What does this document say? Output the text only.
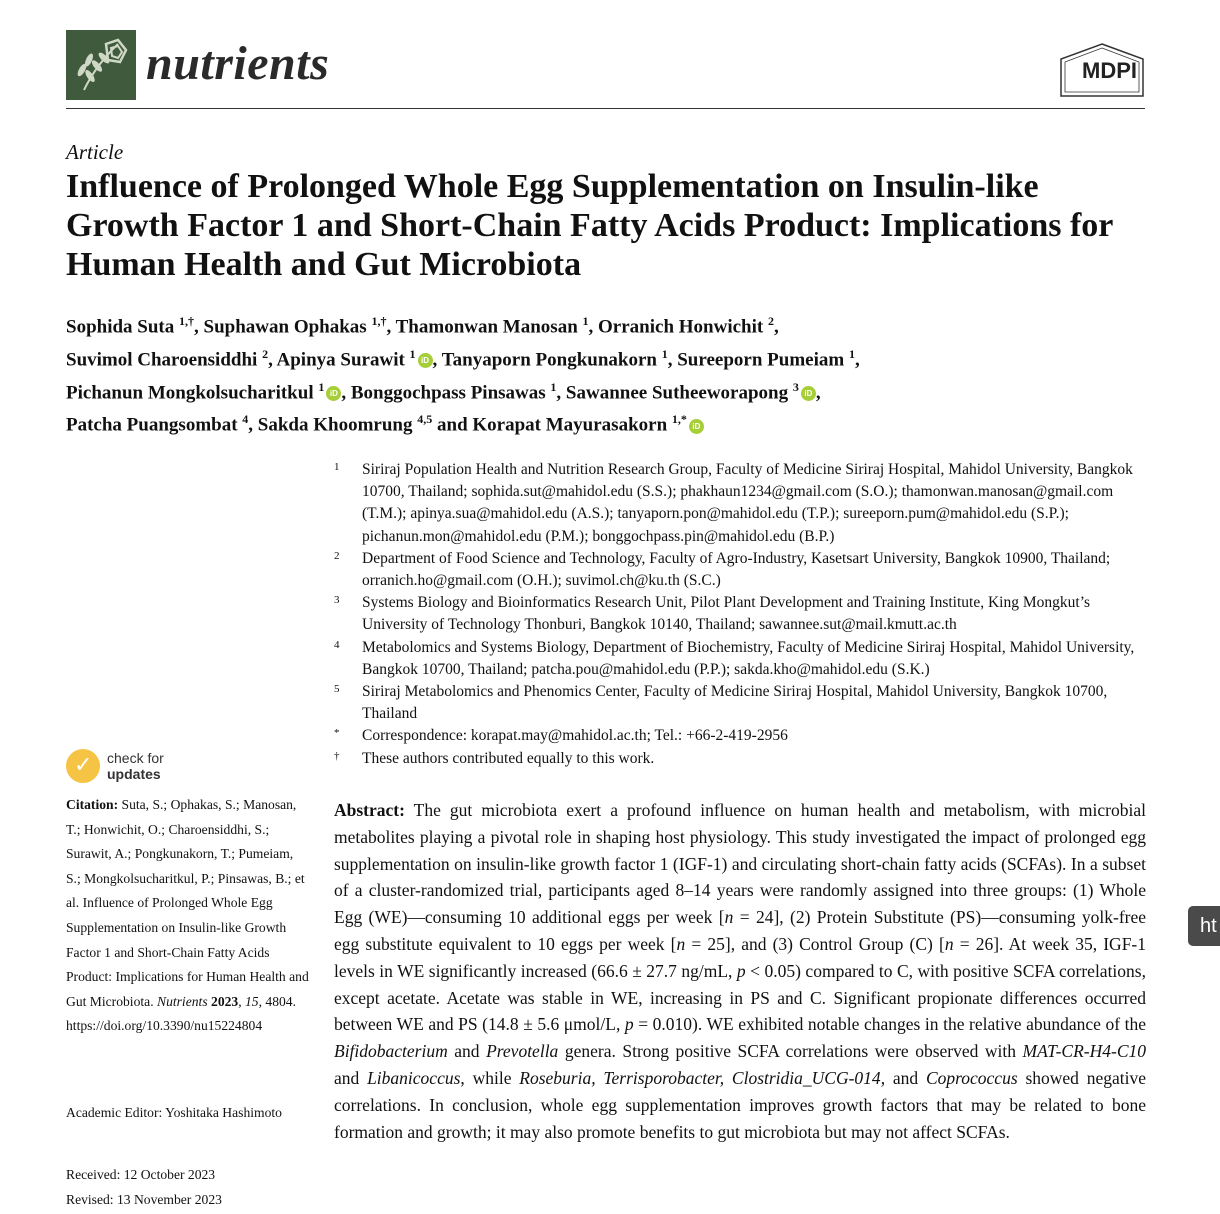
nutrients	MDPI
Article
Influence of Prolonged Whole Egg Supplementation on Insulin-like Growth Factor 1 and Short-Chain Fatty Acids Product: Implications for Human Health and Gut Microbiota
Sophida Suta $^{1,\dagger}$, Suphawan Ophakas $^{1,\dagger}$, Thamonwan Manosan $^1$, Orranich Honwichit $^2$,
Suvimol Charoensiddhi $^2$, Apinya Surawit $^1$ iD , Tanyaporn Pongkunakorn $^1$, Sureeporn Pumeiam $^1$,
Pichanun Mongkolsucharitkul $^1$ iD , Bonggochpass Pinsawas $^1$, Sawannee Sutheeworapong $^3$ iD ,
Patcha Puangsombat $^4$, Sakda Khoomrung $^{4,5}$ and Korapat Mayurasakorn $^{1,*}$ iD
1 Siriraj Population Health and Nutrition Research Group, Faculty of Medicine Siriraj Hospital, Mahidol University, Bangkok 10700, Thailand; sophida.sut@mahidol.edu (S.S.); phakhaun1234@gmail.com (S.O.); thamonwan.manosan@gmail.com (T.M.); apinya.sua@mahidol.edu (A.S.); tanyaporn.pon@mahidol.edu (T.P.); sureeporn.pum@mahidol.edu (S.P.); pichanun.mon@mahidol.edu (P.M.); bonggochpass.pin@mahidol.edu (B.P.)
2 Department of Food Science and Technology, Faculty of Agro-Industry, Kasetsart University, Bangkok 10900, Thailand; orranich.ho@gmail.com (O.H.); suvimol.ch@ku.th (S.C.)
3 Systems Biology and Bioinformatics Research Unit, Pilot Plant Development and Training Institute, King Mongkut’s University of Technology Thonburi, Bangkok 10140, Thailand; sawannee.sut@mail.kmutt.ac.th
4 Metabolomics and Systems Biology, Department of Biochemistry, Faculty of Medicine Siriraj Hospital, Mahidol University, Bangkok 10700, Thailand; patcha.pou@mahidol.edu (P.P.); sakda.kho@mahidol.edu (S.K.)
5 Siriraj Metabolomics and Phenomics Center, Faculty of Medicine Siriraj Hospital, Mahidol University, Bangkok 10700, Thailand
* Correspondence: korapat.may@mahidol.ac.th; Tel.: +66-2-419-2956
† These authors contributed equally to this work.
✓ check for
updates
Citation: Suta, S.; Ophakas, S.; Manosan, T.; Honwichit, O.; Charoensiddhi, S.; Surawit, A.; Pongkunakorn, T.; Pumeiam, S.; Mongkolsucharitkul, P.; Pinsawas, B.; et al. Influence of Prolonged Whole Egg Supplementation on Insulin-like Growth Factor 1 and Short-Chain Fatty Acids Product: Implications for Human Health and Gut Microbiota. Nutrients 2023, 15, 4804. https://doi.org/10.3390/nu15224804
Academic Editor: Yoshitaka Hashimoto
Received: 12 October 2023
Revised: 13 November 2023

Abstract: The gut microbiota exert a profound influence on human health and metabolism, with microbial metabolites playing a pivotal role in shaping host physiology. This study investigated the impact of prolonged egg supplementation on insulin-like growth factor 1 (IGF-1) and circulating short-chain fatty acids (SCFAs). In a subset of a cluster-randomized trial, participants aged 8–14 years were randomly assigned into three groups: (1) Whole Egg (WE)—consuming 10 additional eggs per week [n = 24], (2) Protein Substitute (PS)—consuming yolk-free egg substitute equivalent to 10 eggs per week [n = 25], and (3) Control Group (C) [n = 26]. At week 35, IGF-1 levels in WE significantly increased (66.6 ± 27.7 ng/mL, p < 0.05) compared to C, with positive SCFA correlations, except acetate. Acetate was stable in WE, increasing in PS and C. Significant propionate differences occurred between WE and PS (14.8 ± 5.6 μmol/L, p = 0.010). WE exhibited notable changes in the relative abundance of the Bifidobacterium and Prevotella genera. Strong positive SCFA correlations were observed with MAT-CR-H4-C10 and Libanicoccus, while Roseburia, Terrisporobacter, Clostridia_UCG-014, and Coprococcus showed negative correlations. In conclusion, whole egg supplementation improves growth factors that may be related to bone formation and growth; it may also promote benefits to gut microbiota but may not affect SCFAs.

ht
